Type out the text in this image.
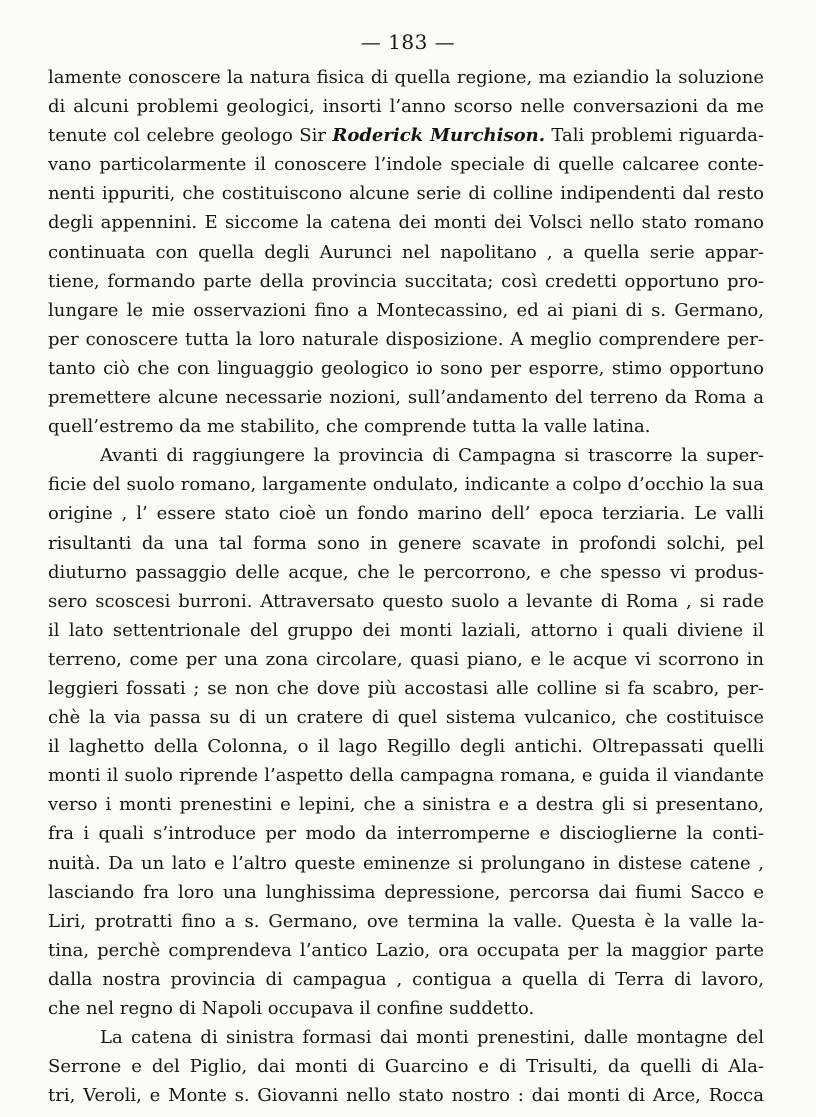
— 183 —
lamente conoscere la natura fisica di quella regione, ma eziandio la soluzione
di alcuni problemi geologici, insorti l’anno scorso nelle conversazioni da me
tenute col celebre geologo Sir Roderick Murchison. Tali problemi riguarda-
vano particolarmente il conoscere l’indole speciale di quelle calcaree conte-
nenti ippuriti, che costituiscono alcune serie di colline indipendenti dal resto
degli appennini. E siccome la catena dei monti dei Volsci nello stato romano
continuata con quella degli Aurunci nel napolitano , a quella serie appar-
tiene, formando parte della provincia succitata; così credetti opportuno pro-
lungare le mie osservazioni fino a Montecassino, ed ai piani di s. Germano,
per conoscere tutta la loro naturale disposizione. A meglio comprendere per-
tanto ciò che con linguaggio geologico io sono per esporre, stimo opportuno
premettere alcune necessarie nozioni, sull’andamento del terreno da Roma a
quell’estremo da me stabilito, che comprende tutta la valle latina.
Avanti di raggiungere la provincia di Campagna si trascorre la super-
ficie del suolo romano, largamente ondulato, indicante a colpo d’occhio la sua
origine , l’ essere stato cioè un fondo marino dell’ epoca terziaria. Le valli
risultanti da una tal forma sono in genere scavate in profondi solchi, pel
diuturno passaggio delle acque, che le percorrono, e che spesso vi produs-
sero scoscesi burroni. Attraversato questo suolo a levante di Roma , si rade
il lato settentrionale del gruppo dei monti laziali, attorno i quali diviene il
terreno, come per una zona circolare, quasi piano, e le acque vi scorrono in
leggieri fossati ; se non che dove più accostasi alle colline si fa scabro, per-
chè la via passa su di un cratere di quel sistema vulcanico, che costituisce
il laghetto della Colonna, o il lago Regillo degli antichi. Oltrepassati quelli
monti il suolo riprende l’aspetto della campagna romana, e guida il viandante
verso i monti prenestini e lepini, che a sinistra e a destra gli si presentano,
fra i quali s’introduce per modo da interromperne e discioglierne la conti-
nuità. Da un lato e l’altro queste eminenze si prolungano in distese catene ,
lasciando fra loro una lunghissima depressione, percorsa dai fiumi Sacco e
Liri, protratti fino a s. Germano, ove termina la valle. Questa è la valle la-
tina, perchè comprendeva l’antico Lazio, ora occupata per la maggior parte
dalla nostra provincia di campagua , contigua a quella di Terra di lavoro,
che nel regno di Napoli occupava il confine suddetto.
La catena di sinistra formasi dai monti prenestini, dalle montagne del
Serrone e del Piglio, dai monti di Guarcino e di Trisulti, da quelli di Ala-
tri, Veroli, e Monte s. Giovanni nello stato nostro : dai monti di Arce, Rocca
